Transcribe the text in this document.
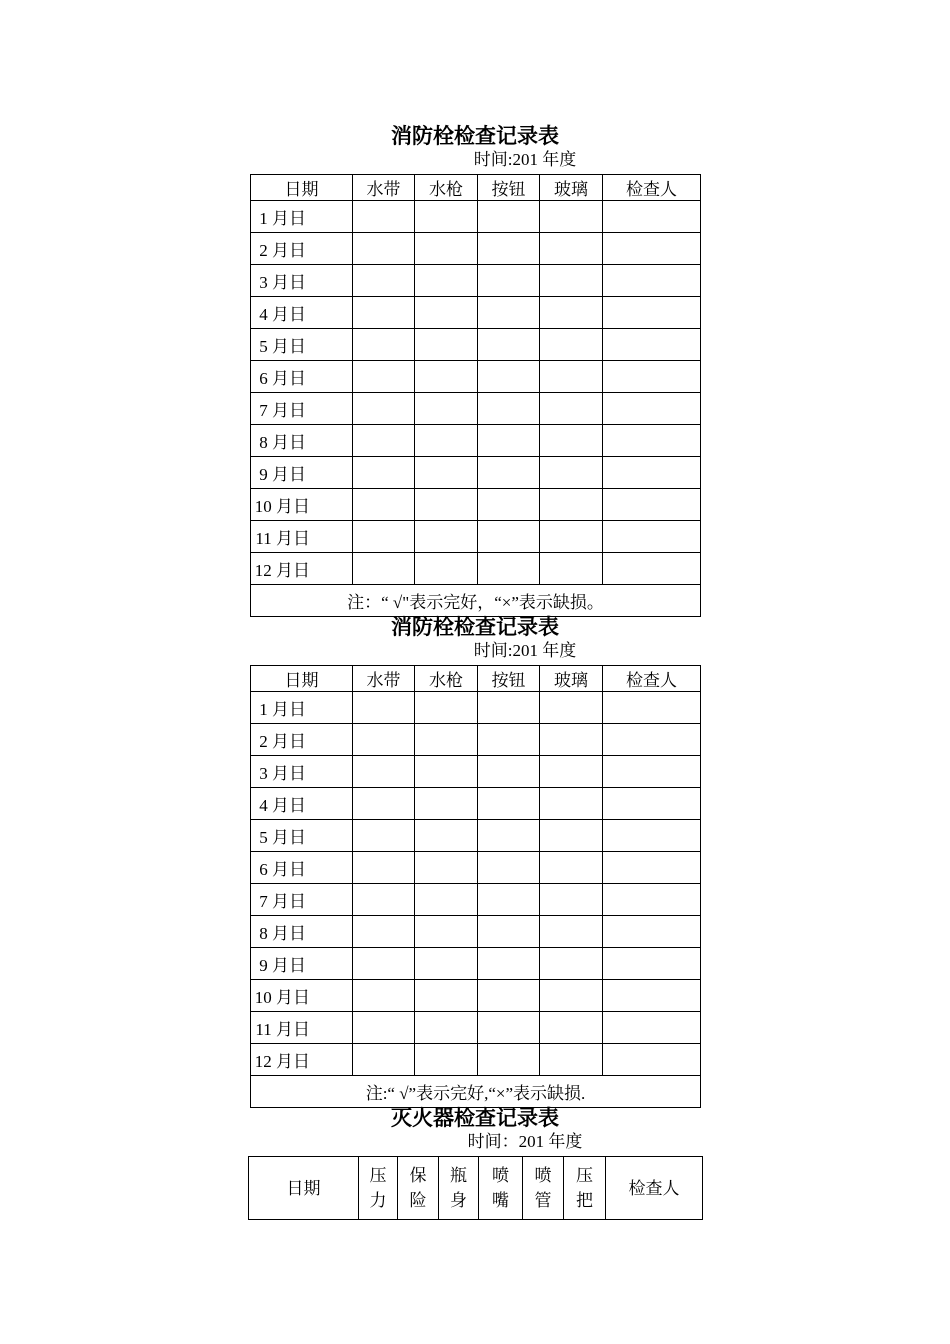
消防栓检查记录表
时间:201 年度
日期	水带	水枪	按钮	玻璃	检查人
1 月日					
2 月日					
3 月日					
4 月日					
5 月日					
6 月日					
7 月日					
8 月日					
9 月日					
10 月日					
11 月日					
12 月日					
注：“ √"表示完好，“×”表示缺损。					
消防栓检查记录表
时间:201 年度
日期	水带	水枪	按钮	玻璃	检查人
1 月日					
2 月日					
3 月日					
4 月日					
5 月日					
6 月日					
7 月日					
8 月日					
9 月日					
10 月日					
11 月日					
12 月日					
注:“ √”表示完好,“×”表示缺损.					
灭火器检查记录表
时间：201 年度
日期	压力	保险	瓶身	喷嘴	喷管	压把	检查人
